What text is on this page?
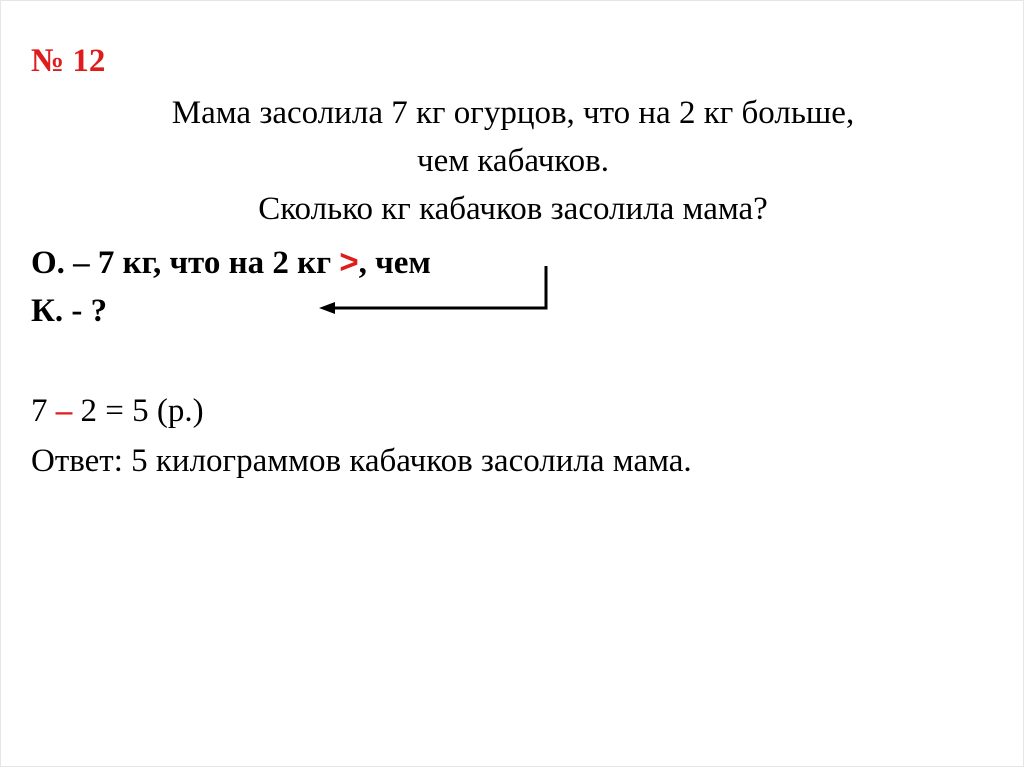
№ 12
Мама засолила 7 кг огурцов, что на 2 кг больше,
чем кабачков.
Сколько кг кабачков засолила мама?
О. – 7 кг, что на 2 кг >, чем
К. - ?
7 – 2 = 5 (р.)
Ответ: 5 килограммов кабачков засолила мама.
